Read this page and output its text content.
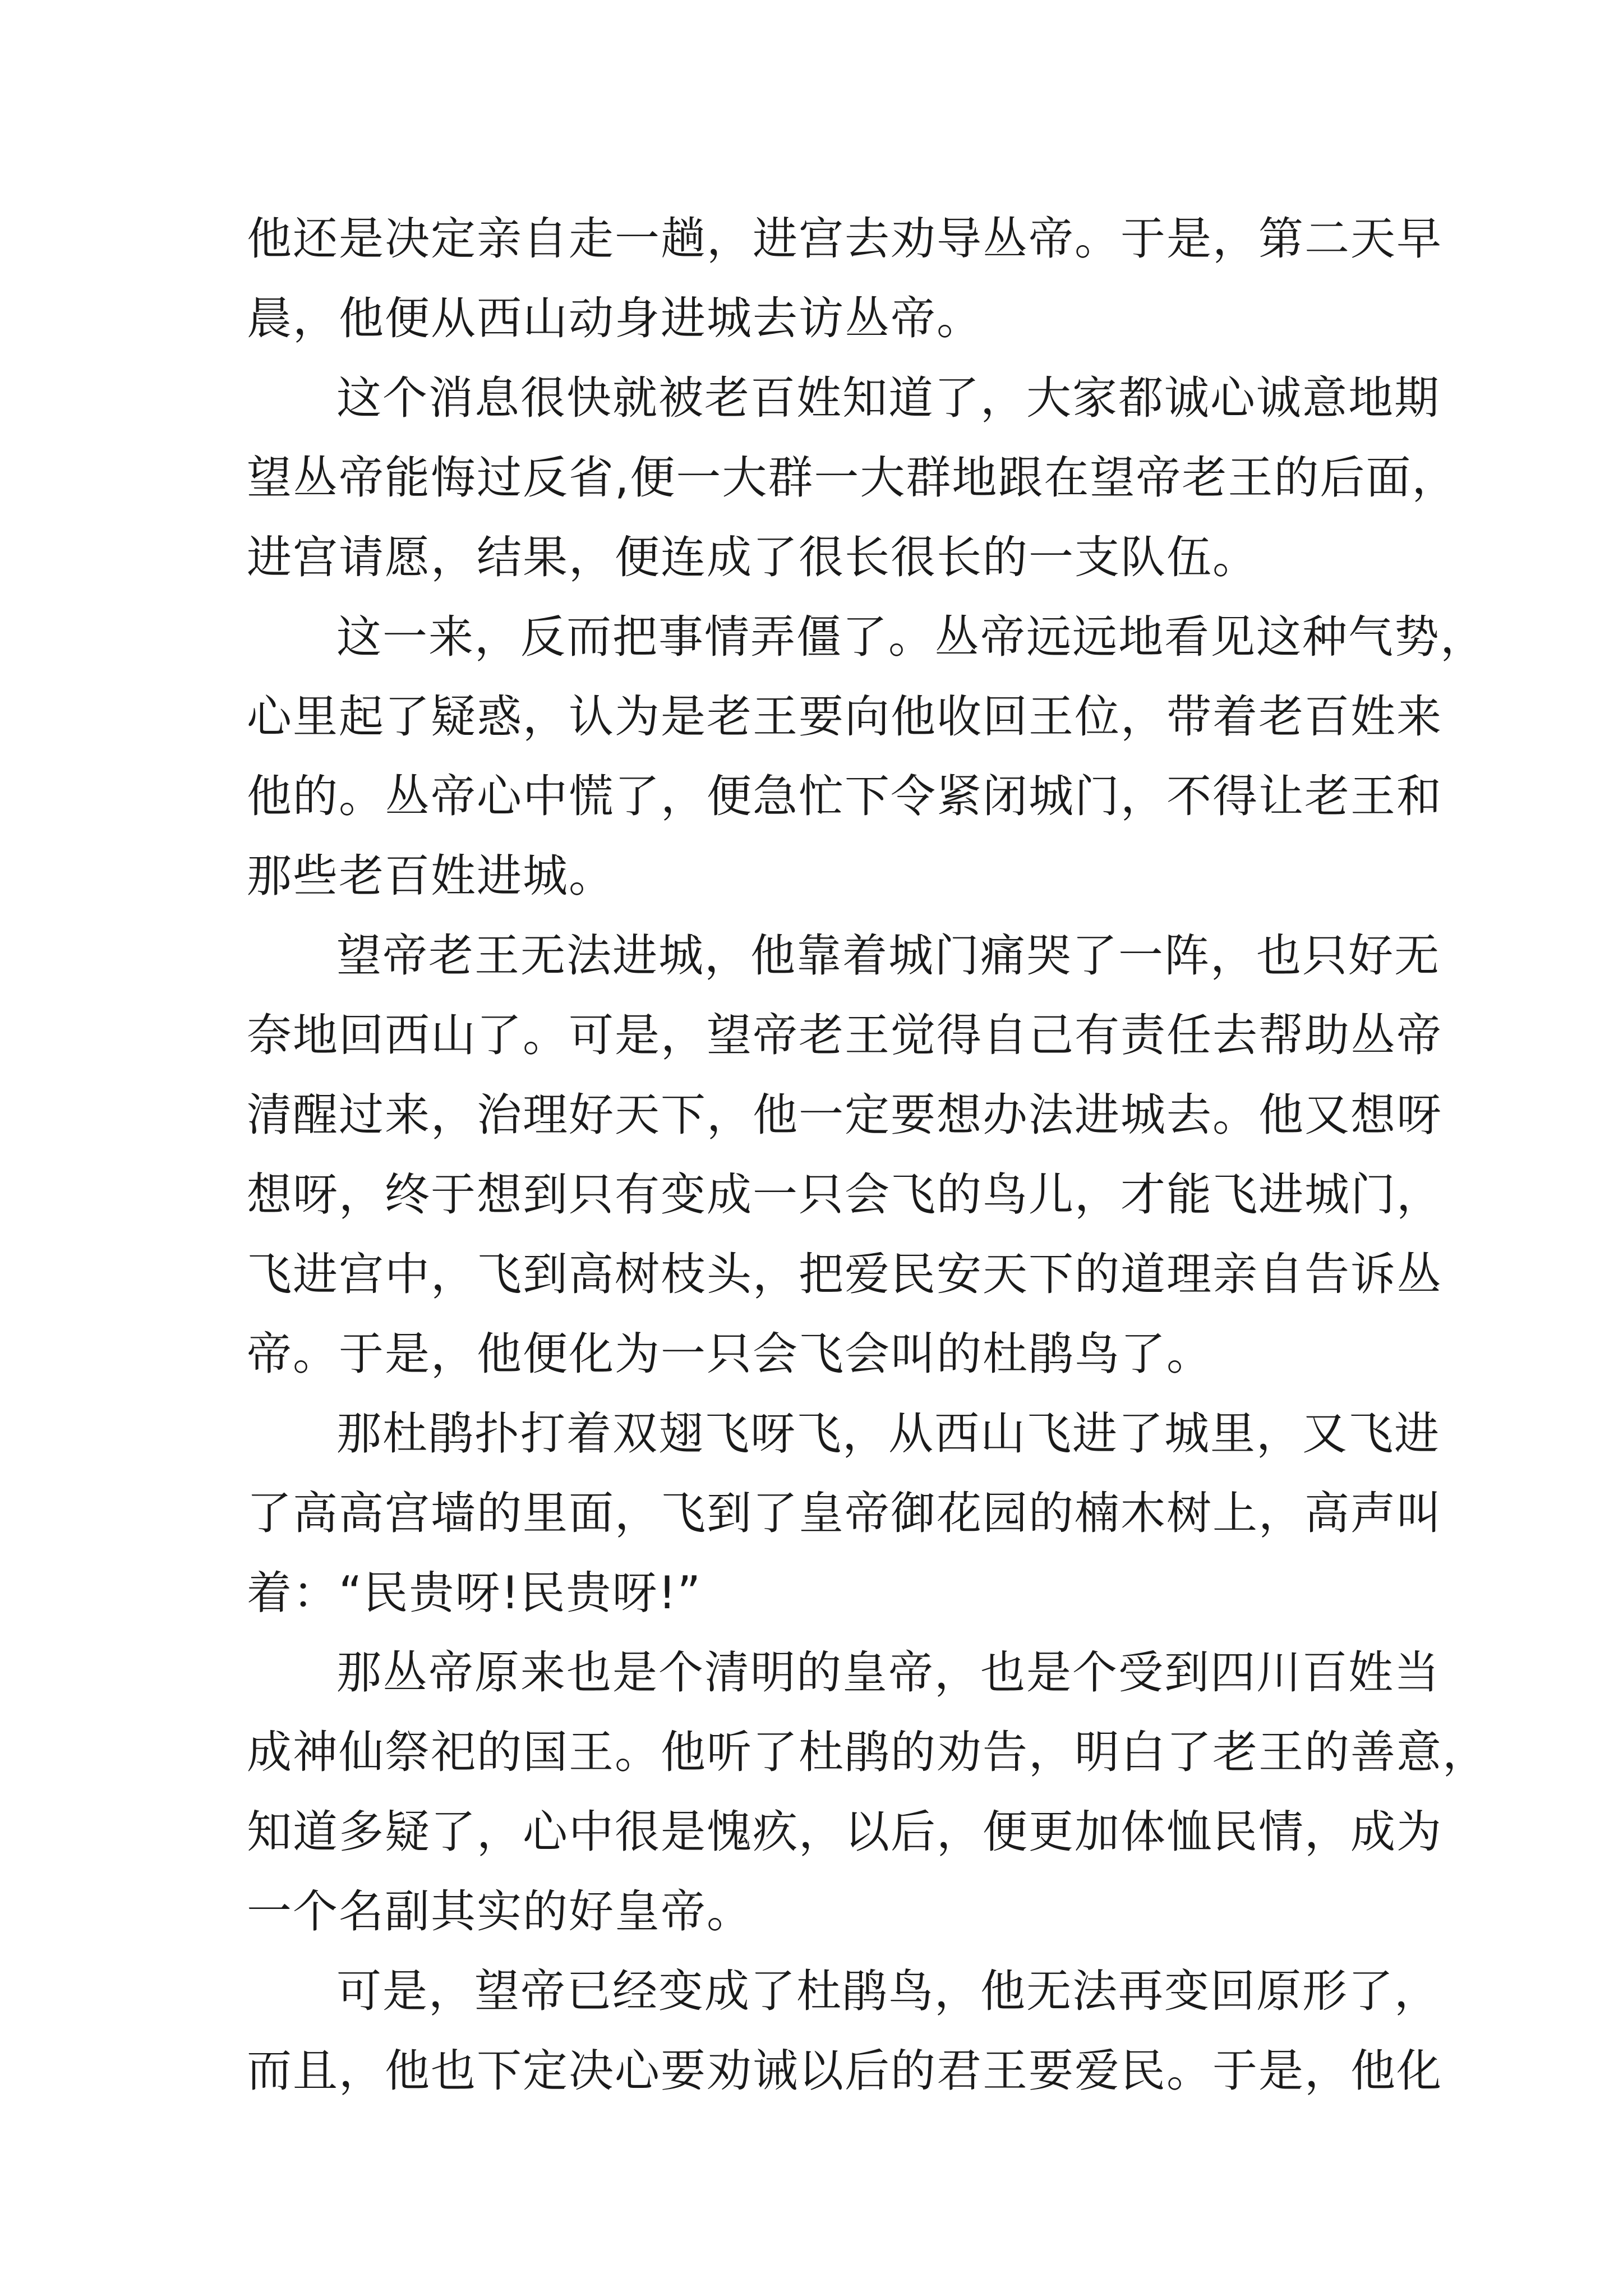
他还是决定亲自走一趟，进宫去劝导丛帝。于是，第二天早
晨，他便从西山动身进城去访丛帝。
这个消息很快就被老百姓知道了，大家都诚心诚意地期
望丛帝能悔过反省,便一大群一大群地跟在望帝老王的后面，
进宫请愿，结果，便连成了很长很长的一支队伍。
这一来，反而把事情弄僵了。丛帝远远地看见这种气势，
心里起了疑惑，认为是老王要向他收回王位，带着老百姓来
他的。丛帝心中慌了，便急忙下令紧闭城门，不得让老王和
那些老百姓进城。
望帝老王无法进城，他靠着城门痛哭了一阵，也只好无
奈地回西山了。可是，望帝老王觉得自己有责任去帮助丛帝
清醒过来，治理好天下，他一定要想办法进城去。他又想呀
想呀，终于想到只有变成一只会飞的鸟儿，才能飞进城门，
飞进宫中，飞到高树枝头，把爱民安天下的道理亲自告诉丛
帝。于是，他便化为一只会飞会叫的杜鹃鸟了。
那杜鹃扑打着双翅飞呀飞，从西山飞进了城里，又飞进
了高高宫墙的里面，飞到了皇帝御花园的楠木树上，高声叫
着：“民贵呀!民贵呀!”
那丛帝原来也是个清明的皇帝，也是个受到四川百姓当
成神仙祭祀的国王。他听了杜鹃的劝告，明白了老王的善意，
知道多疑了，心中很是愧疚，以后，便更加体恤民情，成为
一个名副其实的好皇帝。
可是，望帝已经变成了杜鹃鸟，他无法再变回原形了，
而且，他也下定决心要劝诫以后的君王要爱民。于是，他化
